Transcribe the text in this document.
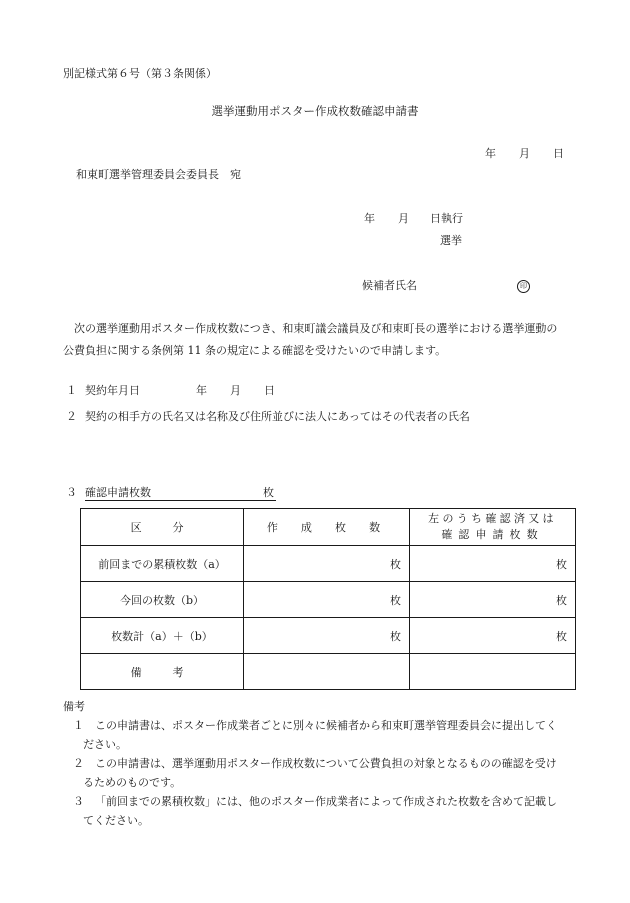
別記様式第６号（第３条関係）
選挙運動用ポスター作成枚数確認申請書
年 月 日
和東町選挙管理委員会委員長　宛
年 月 日執行
選挙
候補者氏名	印
次の選挙運動用ポスター作成枚数につき、和束町議会議員及び和束町長の選挙における選挙運動の
公費負担に関する条例第 11 条の規定による確認を受けたいので申請します。
１ 契約年月日	年 月 日
２ 契約の相手方の氏名又は名称及び住所並びに法人にあってはその代表者の氏名
３ 確認申請枚数	枚
区　分	作　成　枚　数	左のうち確認済又は
確認申請枚数

前回までの累積枚数（a）	枚	枚
今回の枚数（b）	枚	枚
枚数計（a）＋（b）	枚	枚
備　考		
備考
１ この申請書は、ポスター作成業者ごとに別々に候補者から和束町選挙管理委員会に提出してく
ださい。
２ この申請書は、選挙運動用ポスター作成枚数について公費負担の対象となるものの確認を受け
るためのものです。
３ 「前回までの累積枚数」には、他のポスター作成業者によって作成された枚数を含めて記載し
てください。
